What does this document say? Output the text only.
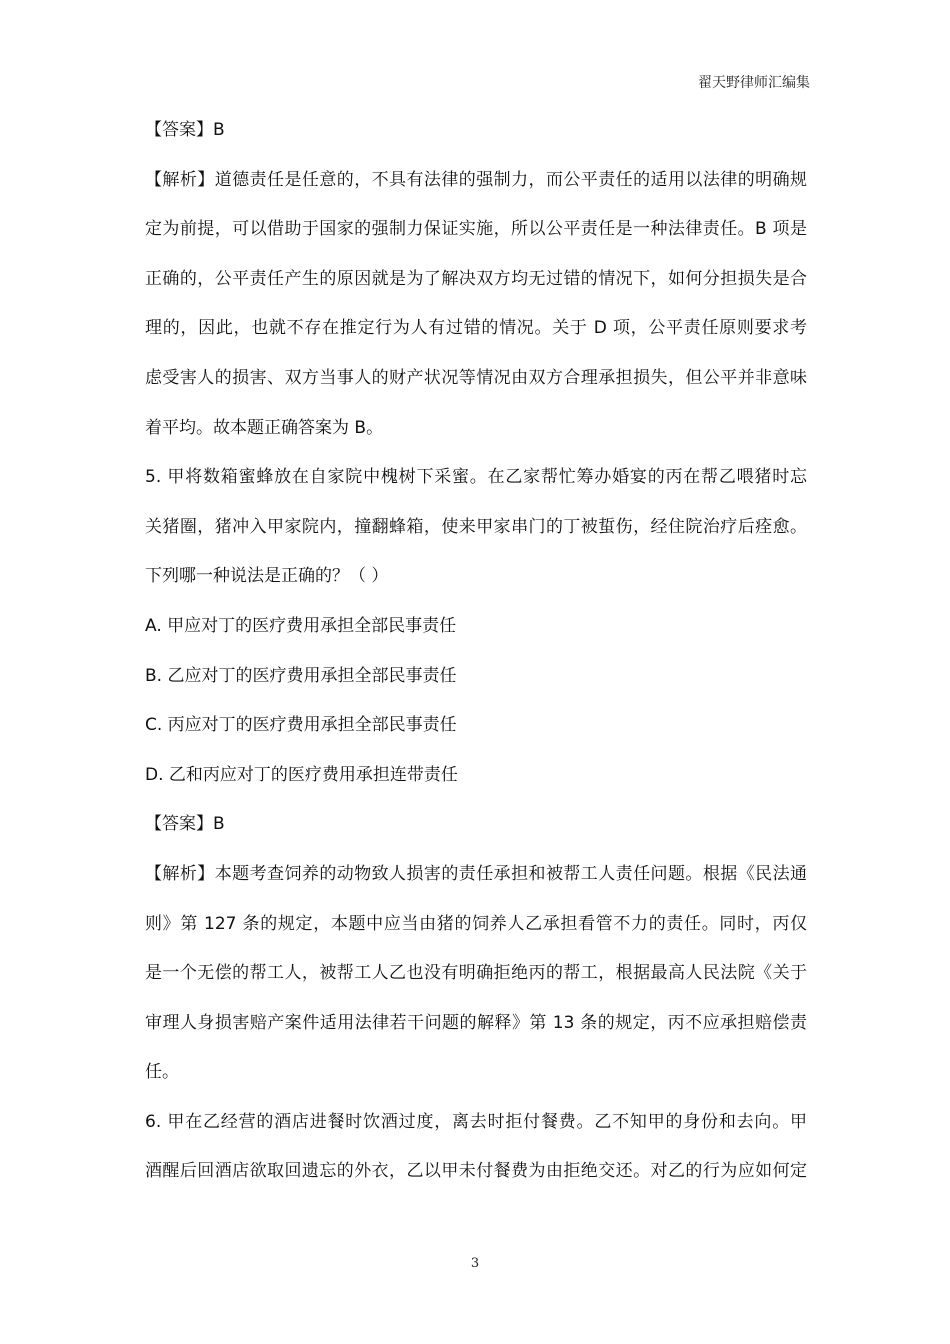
翟天野律师汇编集
【答案】B
【解析】道德责任是任意的，不具有法律的强制力，而公平责任的适用以法律的明确规
定为前提，可以借助于国家的强制力保证实施，所以公平责任是一种法律责任。B 项是
正确的，公平责任产生的原因就是为了解决双方均无过错的情况下，如何分担损失是合
理的，因此，也就不存在推定行为人有过错的情况。关于 D 项，公平责任原则要求考
虑受害人的损害、双方当事人的财产状况等情况由双方合理承担损失，但公平并非意味
着平均。故本题正确答案为 B。
5. 甲将数箱蜜蜂放在自家院中槐树下采蜜。在乙家帮忙筹办婚宴的丙在帮乙喂猪时忘
关猪圈，猪冲入甲家院内，撞翻蜂箱，使来甲家串门的丁被蜇伤，经住院治疗后痊愈。
下列哪一种说法是正确的？（ ）
A. 甲应对丁的医疗费用承担全部民事责任
B. 乙应对丁的医疗费用承担全部民事责任
C. 丙应对丁的医疗费用承担全部民事责任
D. 乙和丙应对丁的医疗费用承担连带责任
【答案】B
【解析】本题考查饲养的动物致人损害的责任承担和被帮工人责任问题。根据《民法通
则》第 127 条的规定，本题中应当由猪的饲养人乙承担看管不力的责任。同时，丙仅
是一个无偿的帮工人，被帮工人乙也没有明确拒绝丙的帮工，根据最高人民法院《关于
审理人身损害赔产案件适用法律若干问题的解释》第 13 条的规定，丙不应承担赔偿责
任。
6. 甲在乙经营的酒店进餐时饮酒过度，离去时拒付餐费。乙不知甲的身份和去向。甲
酒醒后回酒店欲取回遗忘的外衣，乙以甲未付餐费为由拒绝交还。对乙的行为应如何定
3
